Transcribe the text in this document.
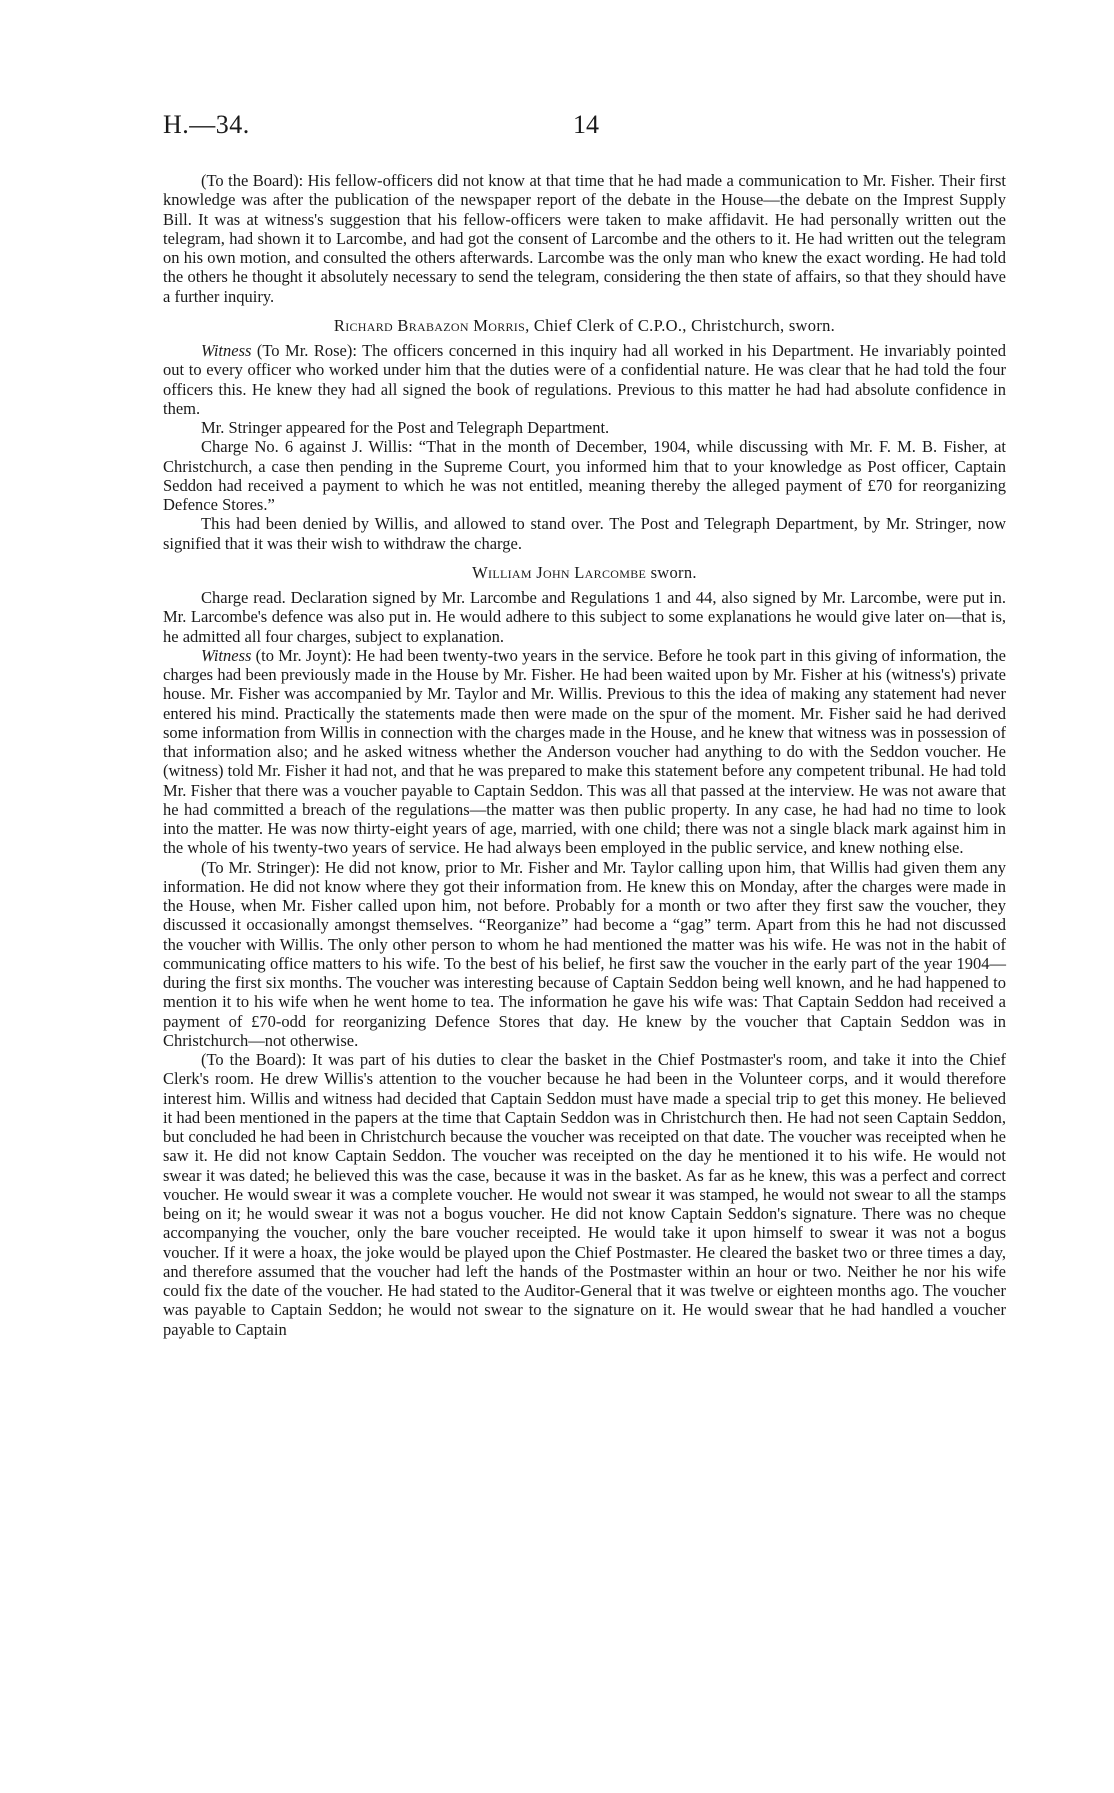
H.—34.	14

(To the Board): His fellow-officers did not know at that time that he had made a communication to Mr. Fisher. Their first knowledge was after the publication of the newspaper report of the debate in the House—the debate on the Imprest Supply Bill. It was at witness's suggestion that his fellow-officers were taken to make affidavit. He had personally written out the telegram, had shown it to Larcombe, and had got the consent of Larcombe and the others to it. He had written out the telegram on his own motion, and consulted the others afterwards. Larcombe was the only man who knew the exact wording. He had told the others he thought it absolutely necessary to send the telegram, considering the then state of affairs, so that they should have a further inquiry.

Richard Brabazon Morris, Chief Clerk of C.P.O., Christchurch, sworn.

Witness (To Mr. Rose): The officers concerned in this inquiry had all worked in his Department. He invariably pointed out to every officer who worked under him that the duties were of a confidential nature. He was clear that he had told the four officers this. He knew they had all signed the book of regulations. Previous to this matter he had had absolute confidence in them.

Mr. Stringer appeared for the Post and Telegraph Department.

Charge No. 6 against J. Willis: “That in the month of December, 1904, while discussing with Mr. F. M. B. Fisher, at Christchurch, a case then pending in the Supreme Court, you informed him that to your knowledge as Post officer, Captain Seddon had received a payment to which he was not entitled, meaning thereby the alleged payment of £70 for reorganizing Defence Stores.”

This had been denied by Willis, and allowed to stand over. The Post and Telegraph Department, by Mr. Stringer, now signified that it was their wish to withdraw the charge.

William John Larcombe sworn.

Charge read. Declaration signed by Mr. Larcombe and Regulations 1 and 44, also signed by Mr. Larcombe, were put in. Mr. Larcombe's defence was also put in. He would adhere to this subject to some explanations he would give later on—that is, he admitted all four charges, subject to explanation.

Witness (to Mr. Joynt): He had been twenty-two years in the service. Before he took part in this giving of information, the charges had been previously made in the House by Mr. Fisher. He had been waited upon by Mr. Fisher at his (witness's) private house. Mr. Fisher was accompanied by Mr. Taylor and Mr. Willis. Previous to this the idea of making any statement had never entered his mind. Practically the statements made then were made on the spur of the moment. Mr. Fisher said he had derived some information from Willis in connection with the charges made in the House, and he knew that witness was in possession of that information also; and he asked witness whether the Anderson voucher had anything to do with the Seddon voucher. He (witness) told Mr. Fisher it had not, and that he was prepared to make this statement before any competent tribunal. He had told Mr. Fisher that there was a voucher payable to Captain Seddon. This was all that passed at the interview. He was not aware that he had committed a breach of the regulations—the matter was then public property. In any case, he had had no time to look into the matter. He was now thirty-eight years of age, married, with one child; there was not a single black mark against him in the whole of his twenty-two years of service. He had always been employed in the public service, and knew nothing else.

(To Mr. Stringer): He did not know, prior to Mr. Fisher and Mr. Taylor calling upon him, that Willis had given them any information. He did not know where they got their information from. He knew this on Monday, after the charges were made in the House, when Mr. Fisher called upon him, not before. Probably for a month or two after they first saw the voucher, they discussed it occasionally amongst themselves. “Reorganize” had become a “gag” term. Apart from this he had not discussed the voucher with Willis. The only other person to whom he had mentioned the matter was his wife. He was not in the habit of communicating office matters to his wife. To the best of his belief, he first saw the voucher in the early part of the year 1904—during the first six months. The voucher was interesting because of Captain Seddon being well known, and he had happened to mention it to his wife when he went home to tea. The information he gave his wife was: That Captain Seddon had received a payment of £70-odd for reorganizing Defence Stores that day. He knew by the voucher that Captain Seddon was in Christchurch—not otherwise.

(To the Board): It was part of his duties to clear the basket in the Chief Postmaster's room, and take it into the Chief Clerk's room. He drew Willis's attention to the voucher because he had been in the Volunteer corps, and it would therefore interest him. Willis and witness had decided that Captain Seddon must have made a special trip to get this money. He believed it had been mentioned in the papers at the time that Captain Seddon was in Christchurch then. He had not seen Captain Seddon, but concluded he had been in Christchurch because the voucher was receipted on that date. The voucher was receipted when he saw it. He did not know Captain Seddon. The voucher was receipted on the day he mentioned it to his wife. He would not swear it was dated; he believed this was the case, because it was in the basket. As far as he knew, this was a perfect and correct voucher. He would swear it was a complete voucher. He would not swear it was stamped, he would not swear to all the stamps being on it; he would swear it was not a bogus voucher. He did not know Captain Seddon's signature. There was no cheque accompanying the voucher, only the bare voucher receipted. He would take it upon himself to swear it was not a bogus voucher. If it were a hoax, the joke would be played upon the Chief Postmaster. He cleared the basket two or three times a day, and therefore assumed that the voucher had left the hands of the Postmaster within an hour or two. Neither he nor his wife could fix the date of the voucher. He had stated to the Auditor-General that it was twelve or eighteen months ago. The voucher was payable to Captain Seddon; he would not swear to the signature on it. He would swear that he had handled a voucher payable to Captain
